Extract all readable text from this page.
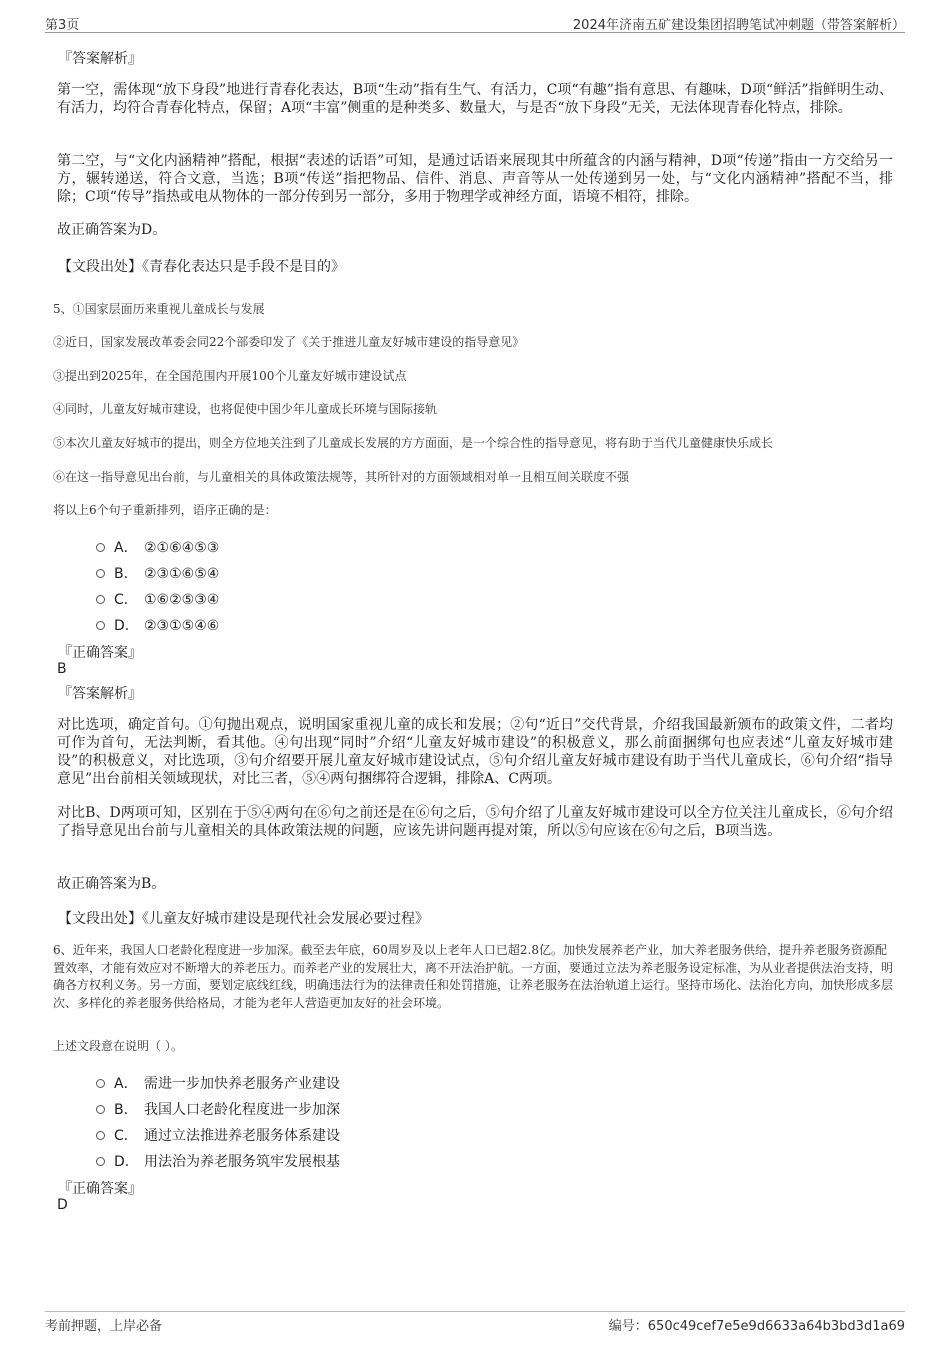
第3页	2024年济南五矿建设集团招聘笔试冲刺题（带答案解析）
『答案解析』

第一空，需体现“放下身段”地进行青春化表达，B项“生动”指有生气、有活力，C项“有趣”指有意思、有趣味，D项“鲜活”指鲜明生动、有活力，均符合青春化特点，保留；A项“丰富”侧重的是种类多、数量大，与是否“放下身段”无关，无法体现青春化特点，排除。

第二空，与“文化内涵精神”搭配，根据“表述的话语”可知，是通过话语来展现其中所蕴含的内涵与精神，D项“传递”指由一方交给另一方，辗转递送，符合文意，当选；B项“传送”指把物品、信件、消息、声音等从一处传递到另一处，与“文化内涵精神”搭配不当，排除；C项“传导”指热或电从物体的一部分传到另一部分，多用于物理学或神经方面，语境不相符，排除。

故正确答案为D。
【文段出处】《青春化表达只是手段不是目的》
5、①国家层面历来重视儿童成长与发展
②近日，国家发展改革委会同22个部委印发了《关于推进儿童友好城市建设的指导意见》
③提出到2025年，在全国范围内开展100个儿童友好城市建设试点
④同时，儿童友好城市建设，也将促使中国少年儿童成长环境与国际接轨
⑤本次儿童友好城市的提出，则全方位地关注到了儿童成长发展的方方面面，是一个综合性的指导意见，将有助于当代儿童健康快乐成长
⑥在这一指导意见出台前，与儿童相关的具体政策法规等，其所针对的方面领域相对单一且相互间关联度不强
将以上6个句子重新排列，语序正确的是：
A． ②①⑥④⑤③
B． ②③①⑥⑤④
C． ①⑥②⑤③④
D． ②③①⑤④⑥
『正确答案』
B
『答案解析』

对比选项，确定首句。①句抛出观点，说明国家重视儿童的成长和发展；②句“近日”交代背景，介绍我国最新颁布的政策文件，二者均可作为首句，无法判断，看其他。④句出现“同时”介绍“儿童友好城市建设”的积极意义，那么前面捆绑句也应表述“儿童友好城市建设”的积极意义，对比选项，③句介绍要开展儿童友好城市建设试点，⑤句介绍儿童友好城市建设有助于当代儿童成长，⑥句介绍“指导意见”出台前相关领域现状，对比三者，⑤④两句捆绑符合逻辑，排除A、C两项。

对比B、D两项可知，区别在于⑤④两句在⑥句之前还是在⑥句之后，⑤句介绍了儿童友好城市建设可以全方位关注儿童成长，⑥句介绍了指导意见出台前与儿童相关的具体政策法规的问题，应该先讲问题再提对策，所以⑤句应该在⑥句之后，B项当选。

故正确答案为B。
【文段出处】《儿童友好城市建设是现代社会发展必要过程》

6、近年来，我国人口老龄化程度进一步加深。截至去年底，60周岁及以上老年人口已超2.8亿。加快发展养老产业，加大养老服务供给，提升养老服务资源配置效率，才能有效应对不断增大的养老压力。而养老产业的发展壮大，离不开法治护航。一方面，要通过立法为养老服务设定标准，为从业者提供法治支持，明确各方权利义务。另一方面，要划定底线红线，明确违法行为的法律责任和处罚措施，让养老服务在法治轨道上运行。坚持市场化、法治化方向，加快形成多层次、多样化的养老服务供给格局，才能为老年人营造更加友好的社会环境。

上述文段意在说明（ ）。
A． 需进一步加快养老服务产业建设
B． 我国人口老龄化程度进一步加深
C． 通过立法推进养老服务体系建设
D． 用法治为养老服务筑牢发展根基
『正确答案』
D
考前押题，上岸必备	编号：650c49cef7e5e9d6633a64b3bd3d1a69
